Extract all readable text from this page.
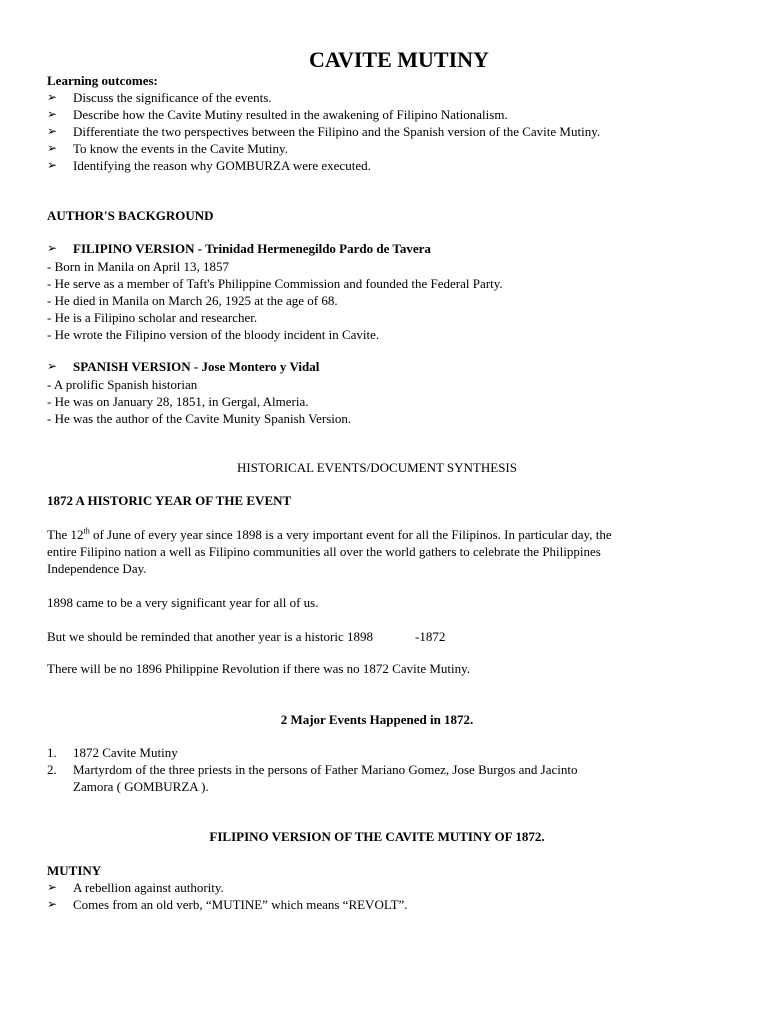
CAVITE MUTINY
Learning outcomes:
➢ Discuss the significance of the events.
➢ Describe how the Cavite Mutiny resulted in the awakening of Filipino Nationalism.
➢ Differentiate the two perspectives between the Filipino and the Spanish version of the Cavite Mutiny.
➢ To know the events in the Cavite Mutiny.
➢ Identifying the reason why GOMBURZA were executed.
AUTHOR'S BACKGROUND
➢ FILIPINO VERSION - Trinidad Hermenegildo Pardo de Tavera
- Born in Manila on April 13, 1857
- He serve as a member of Taft's Philippine Commission and founded the Federal Party.
- He died in Manila on March 26, 1925 at the age of 68.
- He is a Filipino scholar and researcher.
- He wrote the Filipino version of the bloody incident in Cavite.
➢ SPANISH VERSION - Jose Montero y Vidal
- A prolific Spanish historian
- He was on January 28, 1851, in Gergal, Almeria.
- He was the author of the Cavite Munity Spanish Version.
HISTORICAL EVENTS/DOCUMENT SYNTHESIS
1872 A HISTORIC YEAR OF THE EVENT
The 12th of June of every year since 1898 is a very important event for all the Filipinos. In particular day, the
entire Filipino nation a well as Filipino communities all over the world gathers to celebrate the Philippines
Independence Day.
1898 came to be a very significant year for all of us.
But we should be reminded that another year is a historic 1898	-1872
There will be no 1896 Philippine Revolution if there was no 1872 Cavite Mutiny.
2 Major Events Happened in 1872.
1. 1872 Cavite Mutiny
2. Martyrdom of the three priests in the persons of Father Mariano Gomez, Jose Burgos and Jacinto
Zamora ( GOMBURZA ).
FILIPINO VERSION OF THE CAVITE MUTINY OF 1872.
MUTINY
➢ A rebellion against authority.
➢ Comes from an old verb, “MUTINE” which means “REVOLT”.
